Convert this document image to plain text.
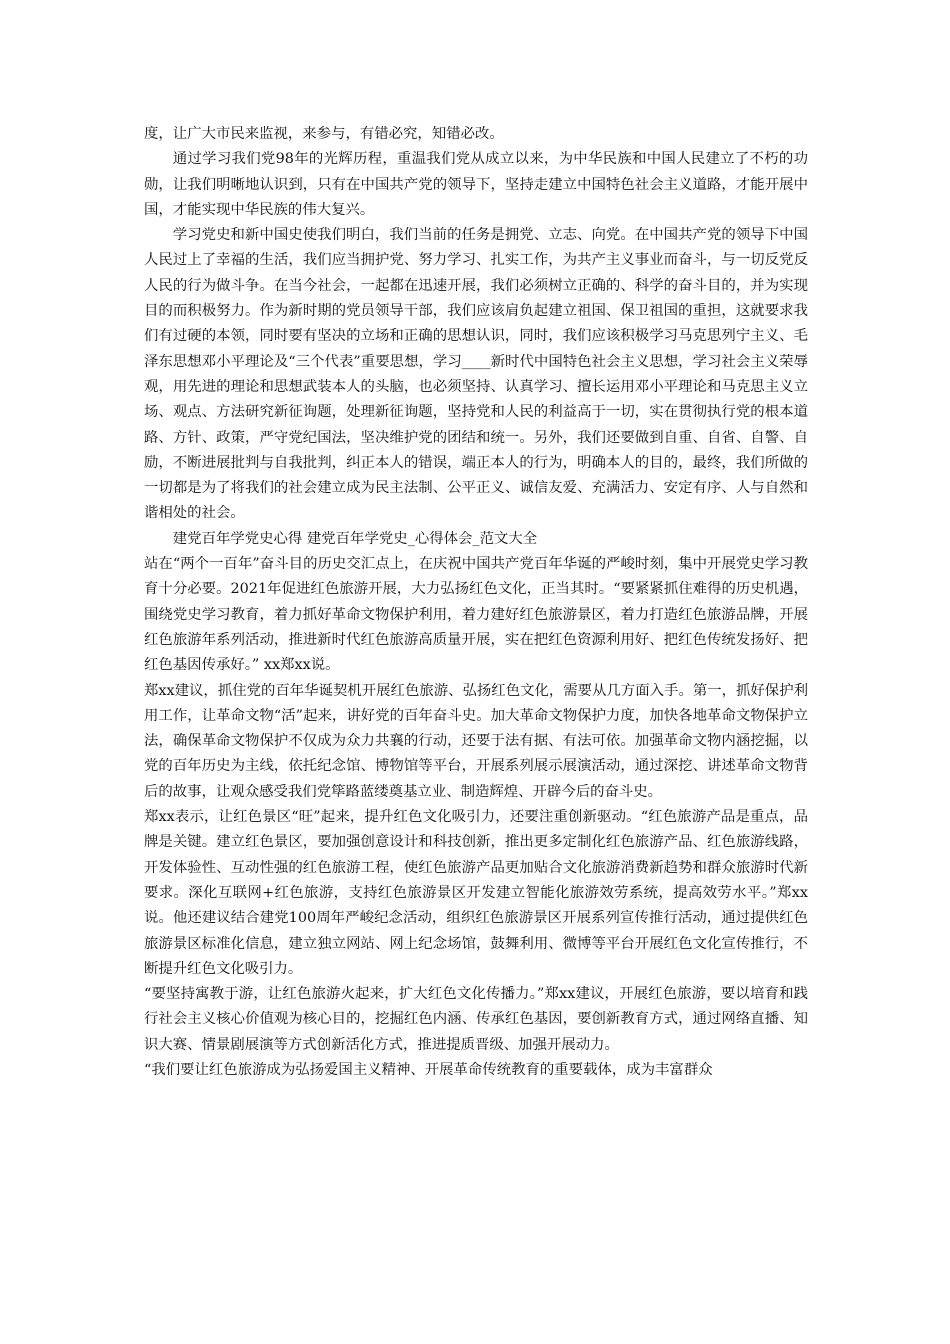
度，让广大市民来监视，来参与，有错必究，知错必改。

通过学习我们党98年的光辉历程，重温我们党从成立以来，为中华民族和中国人民建立了不朽的功勋，让我们明晰地认识到，只有在中国共产党的领导下，坚持走建立中国特色社会主义道路，才能开展中国，才能实现中华民族的伟大复兴。

学习党史和新中国史使我们明白，我们当前的任务是拥党、立志、向党。在中国共产党的领导下中国人民过上了幸福的生活，我们应当拥护党、努力学习、扎实工作，为共产主义事业而奋斗，与一切反党反人民的行为做斗争。在当今社会，一起都在迅速开展，我们必须树立正确的、科学的奋斗目的，并为实现目的而积极努力。作为新时期的党员领导干部，我们应该肩负起建立祖国、保卫祖国的重担，这就要求我们有过硬的本领，同时要有坚决的立场和正确的思想认识，同时，我们应该积极学习马克思列宁主义、毛泽东思想邓小平理论及“三个代表”重要思想，学习____新时代中国特色社会主义思想，学习社会主义荣辱观，用先进的理论和思想武装本人的头脑，也必须坚持、认真学习、擅长运用邓小平理论和马克思主义立场、观点、方法研究新征询题，处理新征询题，坚持党和人民的利益高于一切，实在贯彻执行党的根本道路、方针、政策，严守党纪国法，坚决维护党的团结和统一。另外，我们还要做到自重、自省、自警、自励，不断进展批判与自我批判，纠正本人的错误，端正本人的行为，明确本人的目的，最终，我们所做的一切都是为了将我们的社会建立成为民主法制、公平正义、诚信友爱、充满活力、安定有序、人与自然和谐相处的社会。

建党百年学党史心得 建党百年学党史_心得体会_范文大全

站在“两个一百年”奋斗目的历史交汇点上，在庆祝中国共产党百年华诞的严峻时刻，集中开展党史学习教育十分必要。2021年促进红色旅游开展，大力弘扬红色文化，正当其时。“要紧紧抓住难得的历史机遇，围绕党史学习教育，着力抓好革命文物保护利用，着力建好红色旅游景区，着力打造红色旅游品牌，开展红色旅游年系列活动，推进新时代红色旅游高质量开展，实在把红色资源利用好、把红色传统发扬好、把红色基因传承好。” xx郑xx说。

郑xx建议，抓住党的百年华诞契机开展红色旅游、弘扬红色文化，需要从几方面入手。第一，抓好保护利用工作，让革命文物“活”起来，讲好党的百年奋斗史。加大革命文物保护力度，加快各地革命文物保护立法，确保革命文物保护不仅成为众力共襄的行动，还要于法有据、有法可依。加强革命文物内涵挖掘，以党的百年历史为主线，依托纪念馆、博物馆等平台，开展系列展示展演活动，通过深挖、讲述革命文物背后的故事，让观众感受我们党筚路蓝缕奠基立业、制造辉煌、开辟今后的奋斗史。

郑xx表示，让红色景区“旺”起来，提升红色文化吸引力，还要注重创新驱动。“红色旅游产品是重点，品牌是关键。建立红色景区，要加强创意设计和科技创新，推出更多定制化红色旅游产品、红色旅游线路，开发体验性、互动性强的红色旅游工程，使红色旅游产品更加贴合文化旅游消费新趋势和群众旅游时代新要求。深化互联网+红色旅游，支持红色旅游景区开发建立智能化旅游效劳系统，提高效劳水平。”郑xx说。他还建议结合建党100周年严峻纪念活动，组织红色旅游景区开展系列宣传推行活动，通过提供红色旅游景区标准化信息，建立独立网站、网上纪念场馆，鼓舞利用、微博等平台开展红色文化宣传推行，不断提升红色文化吸引力。

“要坚持寓教于游，让红色旅游火起来，扩大红色文化传播力。”郑xx建议，开展红色旅游，要以培育和践行社会主义核心价值观为核心目的，挖掘红色内涵、传承红色基因，要创新教育方式，通过网络直播、知识大赛、情景剧展演等方式创新活化方式，推进提质晋级、加强开展动力。

“我们要让红色旅游成为弘扬爱国主义精神、开展革命传统教育的重要载体，成为丰富群众
